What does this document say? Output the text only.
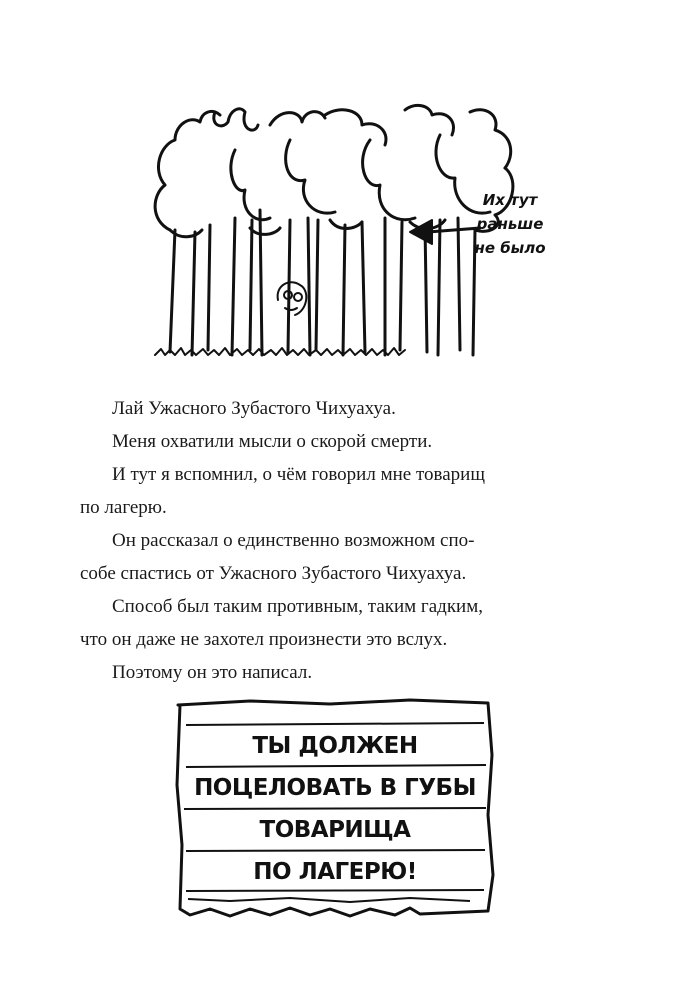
Их тут
раньше
не было

Лай Ужасного Зубастого Чихуахуа.

Меня охватили мысли о скорой смерти.

И тут я вспомнил, о чём говорил мне товарищ
по лагерю.

Он рассказал о единственно возможном спо-
собе спастись от Ужасного Зубастого Чихуахуа.

Способ был таким противным, таким гадким,
что он даже не захотел произнести это вслух.

Поэтому он это написал.

ТЫ ДОЛЖЕН
ПОЦЕЛОВАТЬ В ГУБЫ
ТОВАРИЩА
ПО ЛАГЕРЮ!
